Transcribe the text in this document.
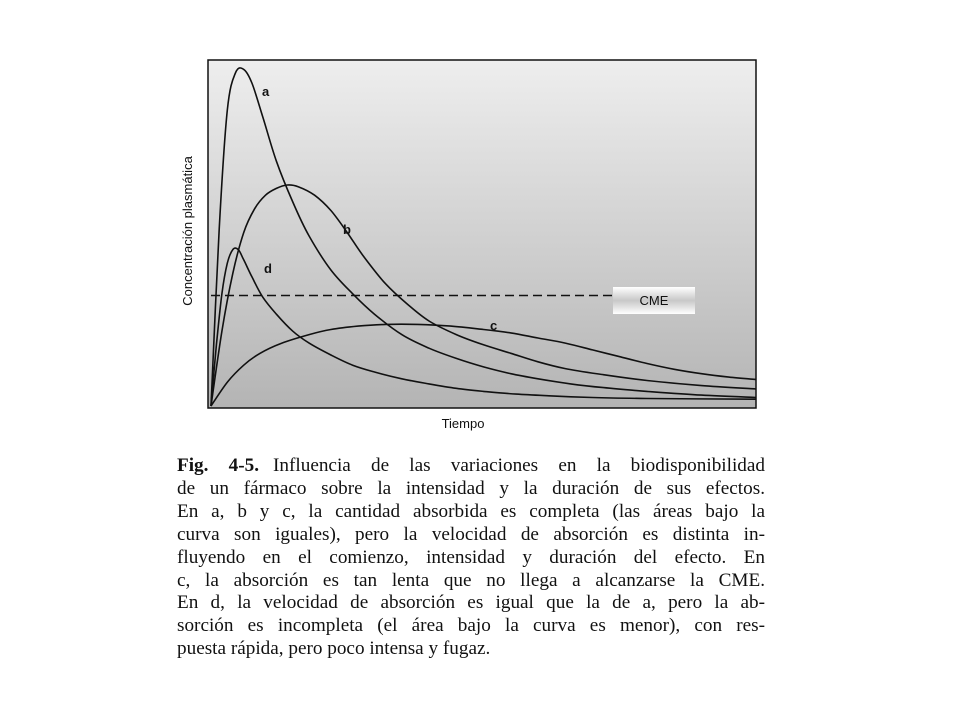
CME
a
b
d
c
Tiempo
Concentración plasmática
Fig. 4-5. Influencia de las variaciones en la biodisponibilidad
de un fármaco sobre la intensidad y la duración de sus efectos.
En a, b y c, la cantidad absorbida es completa (las áreas bajo la
curva son iguales), pero la velocidad de absorción es distinta in-
fluyendo en el comienzo, intensidad y duración del efecto. En
c, la absorción es tan lenta que no llega a alcanzarse la CME.
En d, la velocidad de absorción es igual que la de a, pero la ab-
sorción es incompleta (el área bajo la curva es menor), con res-
puesta rápida, pero poco intensa y fugaz.
